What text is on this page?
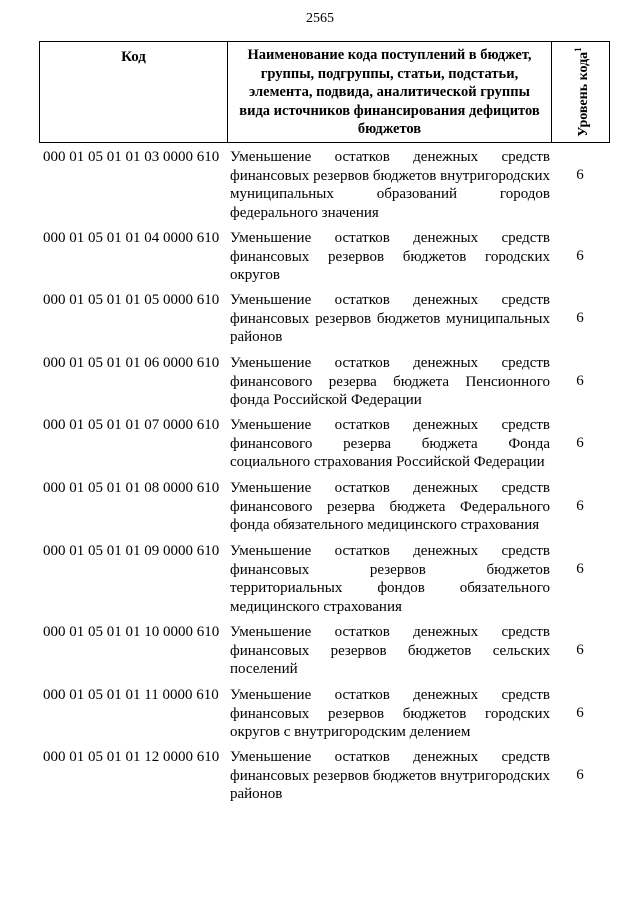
2565
Код	Наименование кода поступлений в бюджет, группы, подгруппы, статьи, подстатьи, элемента, подвида, аналитической группы вида источников финансирования дефицитов бюджетов	Уровень кода$^1$
000 01 05 01 01 03 0000 610 Уменьшение остатков денежных средств финансовых резервов бюджетов внутригородских муниципальных образований городов федерального значения
6
000 01 05 01 01 04 0000 610 Уменьшение остатков денежных средств финансовых резервов бюджетов городских округов
6
000 01 05 01 01 05 0000 610 Уменьшение остатков денежных средств финансовых резервов бюджетов муниципальных районов
6
000 01 05 01 01 06 0000 610 Уменьшение остатков денежных средств финансового резерва бюджета Пенсионного фонда Российской Федерации
6
000 01 05 01 01 07 0000 610 Уменьшение остатков денежных средств финансового резерва бюджета Фонда социального страхования Российской Федерации
6
000 01 05 01 01 08 0000 610 Уменьшение остатков денежных средств финансового резерва бюджета Федерального фонда обязательного медицинского страхования
6
000 01 05 01 01 09 0000 610 Уменьшение остатков денежных средств финансовых резервов бюджетов территориальных фондов обязательного медицинского страхования
6
000 01 05 01 01 10 0000 610 Уменьшение остатков денежных средств финансовых резервов бюджетов сельских поселений
6
000 01 05 01 01 11 0000 610 Уменьшение остатков денежных средств финансовых резервов бюджетов городских округов с внутригородским делением
6
000 01 05 01 01 12 0000 610 Уменьшение остатков денежных средств финансовых резервов бюджетов внутригородских районов
6
